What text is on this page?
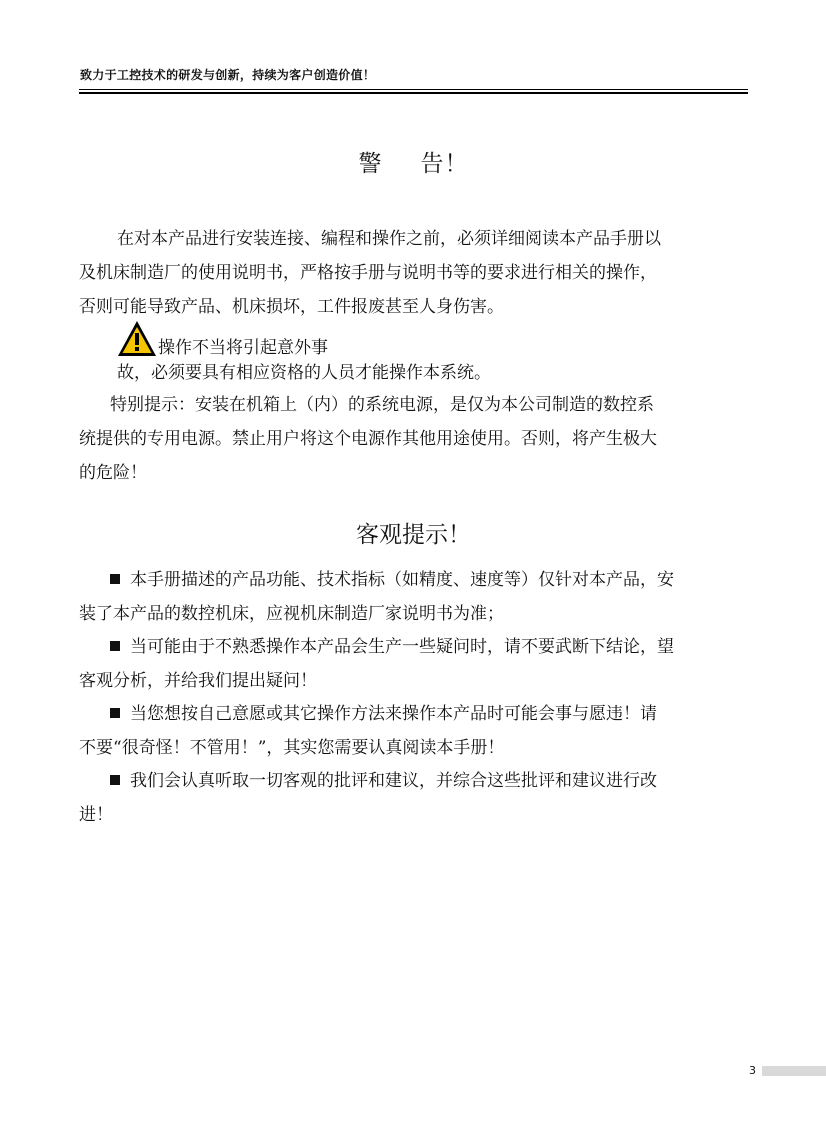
致力于工控技术的研发与创新，持续为客户创造价值！
警 告！
在对本产品进行安装连接、编程和操作之前，必须详细阅读本产品手册以
及机床制造厂的使用说明书，严格按手册与说明书等的要求进行相关的操作，
否则可能导致产品、机床损坏，工件报废甚至人身伤害。
操作不当将引起意外事
故，必须要具有相应资格的人员才能操作本系统。
特别提示：安装在机箱上（内）的系统电源，是仅为本公司制造的数控系
统提供的专用电源。禁止用户将这个电源作其他用途使用。否则，将产生极大
的危险！
客观提示！
本手册描述的产品功能、技术指标（如精度、速度等）仅针对本产品，安
装了本产品的数控机床，应视机床制造厂家说明书为准；
当可能由于不熟悉操作本产品会生产一些疑问时，请不要武断下结论，望
客观分析，并给我们提出疑问！
当您想按自己意愿或其它操作方法来操作本产品时可能会事与愿违！请
不要“很奇怪！不管用！”，其实您需要认真阅读本手册！
我们会认真听取一切客观的批评和建议，并综合这些批评和建议进行改
进！
3
